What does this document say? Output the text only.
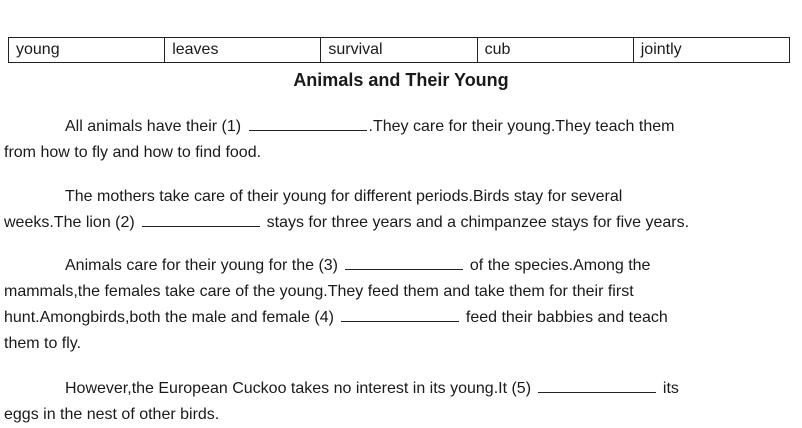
young	leaves	survival	cub	jointly
Animals and Their Young

All animals have their (1)	.They care for their young.They teach them
from how to fly and how to find food.

The mothers take care of their young for different periods.Birds stay for several
weeks.The lion (2)	stays for three years and a chimpanzee stays for five years.

Animals care for their young for the (3)	of the species.Among the
mammals,the females take care of the young.They feed them and take them for their first
hunt.Amongbirds,both the male and female (4)	feed their babbies and teach
them to fly.

However,the European Cuckoo takes no interest in its young.It (5)	its
eggs in the nest of other birds.
